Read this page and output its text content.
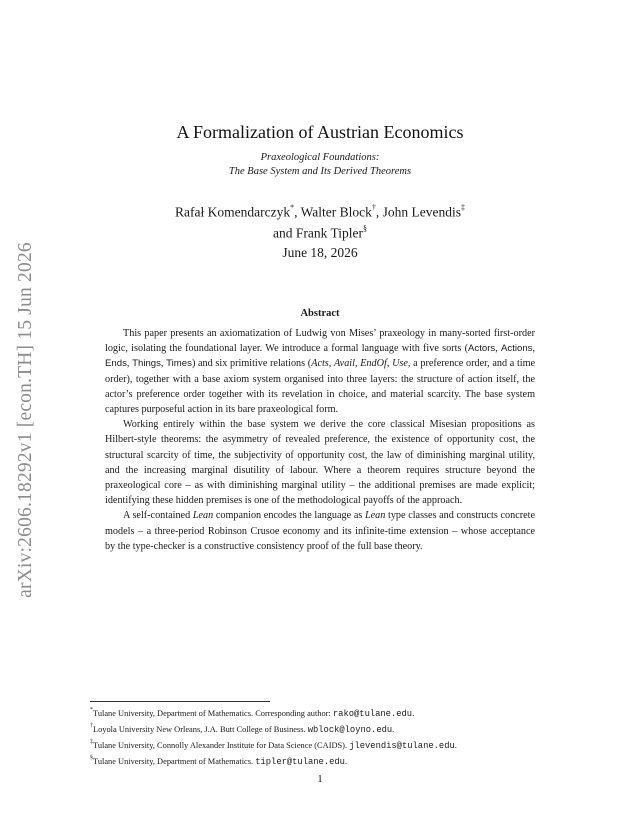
arXiv:2606.18292v1 [econ.TH] 15 Jun 2026
A Formalization of Austrian Economics
Praxeological Foundations:
The Base System and Its Derived Theorems
Rafał Komendarczyk*, Walter Block†, John Levendis‡
and Frank Tipler§
June 18, 2026
Abstract

This paper presents an axiomatization of Ludwig von Mises’ praxeology in many-sorted first-order logic, isolating the foundational layer. We introduce a formal language with five sorts (Actors, Actions, Ends, Things, Times) and six primitive relations (Acts, Avail, EndOf, Use, a preference order, and a time order), together with a base axiom system organised into three layers: the structure of action itself, the actor’s preference order together with its revelation in choice, and material scarcity. The base system captures purposeful action in its bare praxeological form.

Working entirely within the base system we derive the core classical Misesian propositions as Hilbert-style theorems: the asymmetry of revealed preference, the existence of opportunity cost, the structural scarcity of time, the subjectivity of opportunity cost, the law of diminishing marginal utility, and the increasing marginal disutility of labour. Where a theorem requires structure beyond the praxeological core – as with diminishing marginal utility – the additional premises are made explicit; identifying these hidden premises is one of the methodological payoffs of the approach.

A self-contained Lean companion encodes the language as Lean type classes and constructs concrete models – a three-period Robinson Crusoe economy and its infinite-time extension – whose acceptance by the type-checker is a constructive consistency proof of the full base theory.

*Tulane University, Department of Mathematics. Corresponding author: rako@tulane.edu.
†Loyola University New Orleans, J.A. Butt College of Business. wblock@loyno.edu.
‡Tulane University, Connolly Alexander Institute for Data Science (CAIDS). jlevendis@tulane.edu.
§Tulane University, Department of Mathematics. tipler@tulane.edu.
1
